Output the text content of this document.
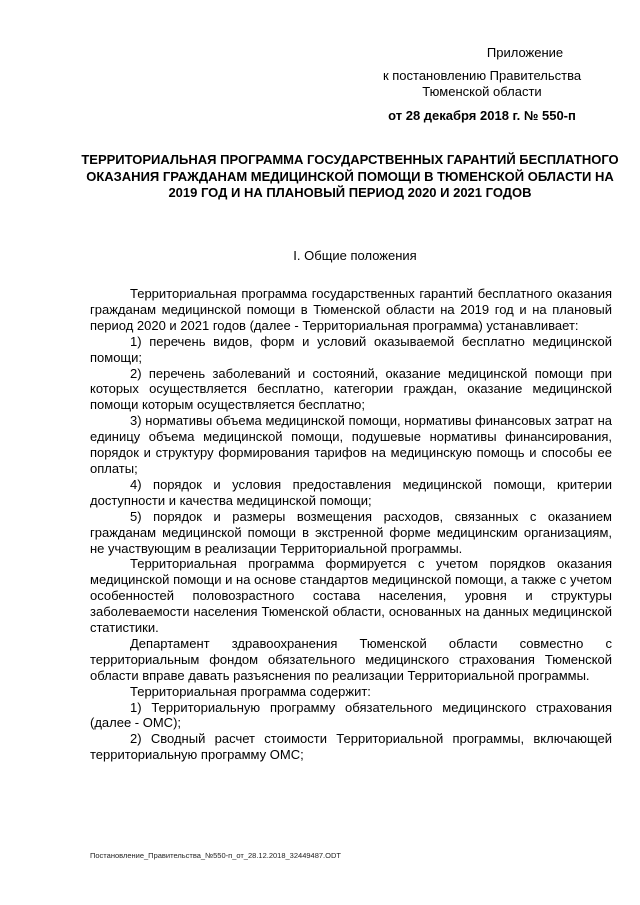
Приложение
к постановлению Правительства Тюменской области
от 28 декабря 2018 г. № 550-п
ТЕРРИТОРИАЛЬНАЯ ПРОГРАММА ГОСУДАРСТВЕННЫХ ГАРАНТИЙ БЕСПЛАТНОГО ОКАЗАНИЯ ГРАЖДАНАМ МЕДИЦИНСКОЙ ПОМОЩИ В ТЮМЕНСКОЙ ОБЛАСТИ НА 2019 ГОД И НА ПЛАНОВЫЙ ПЕРИОД 2020 И 2021 ГОДОВ
I. Общие положения

Территориальная программа государственных гарантий бесплатного оказания гражданам медицинской помощи в Тюменской области на 2019 год и на плановый период 2020 и 2021 годов (далее - Территориальная программа) устанавливает:

1) перечень видов, форм и условий оказываемой бесплатно медицинской помощи;

2) перечень заболеваний и состояний, оказание медицинской помощи при которых осуществляется бесплатно, категории граждан, оказание медицинской помощи которым осуществляется бесплатно;

3) нормативы объема медицинской помощи, нормативы финансовых затрат на единицу объема медицинской помощи, подушевые нормативы финансирования, порядок и структуру формирования тарифов на медицинскую помощь и способы ее оплаты;

4) порядок и условия предоставления медицинской помощи, критерии доступности и качества медицинской помощи;

5) порядок и размеры возмещения расходов, связанных с оказанием гражданам медицинской помощи в экстренной форме медицинским организациям, не участвующим в реализации Территориальной программы.

Территориальная программа формируется с учетом порядков оказания медицинской помощи и на основе стандартов медицинской помощи, а также с учетом особенностей половозрастного состава населения, уровня и структуры заболеваемости населения Тюменской области, основанных на данных медицинской статистики.

Департамент здравоохранения Тюменской области совместно с территориальным фондом обязательного медицинского страхования Тюменской области вправе давать разъяснения по реализации Территориальной программы.

Территориальная программа содержит:

1) Территориальную программу обязательного медицинского страхования (далее - ОМС);

2) Сводный расчет стоимости Территориальной программы, включающей территориальную программу ОМС;

Постановление_Правительства_№550-п_от_28.12.2018_32449487.ODT
